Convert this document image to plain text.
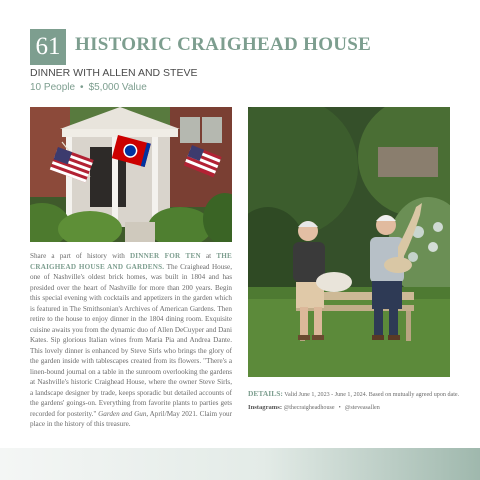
61 HISTORIC CRAIGHEAD HOUSE
DINNER WITH ALLEN AND STEVE
10 People • $5,000 Value

Share a part of history with DINNER FOR TEN at THE CRAIGHEAD HOUSE AND GARDENS. The Craighead House, one of Nashville's oldest brick homes, was built in 1804 and has presided over the heart of Nashville for more than 200 years. Begin this special evening with cocktails and appetizers in the garden which is featured in The Smithsonian's Archives of American Gardens. Then retire to the house to enjoy dinner in the 1804 dining room. Exquisite cuisine awaits you from the dynamic duo of Allen DeCuyper and Dani Kates. Sip glorious Italian wines from Maria Pia and Andrea Dante. This lovely dinner is enhanced by Steve Sirls who brings the glory of the garden inside with tablescapes created from its flowers. "There's a linen-bound journal on a table in the sunroom overlooking the gardens at Nashville's historic Craighead House, where the owner Steve Sirls, a landscape designer by trade, keeps sporadic but detailed accounts of the gardens' goings-on. Everything from favorite plants to parties gets recorded for posterity." Garden and Gun, April/May 2021. Claim your place in the history of this treasure.

DETAILS: Valid June 1, 2023 - June 1, 2024. Based on mutually agreed upon date.
Instagrams: @thecraigheadhouse • @steveasallen
